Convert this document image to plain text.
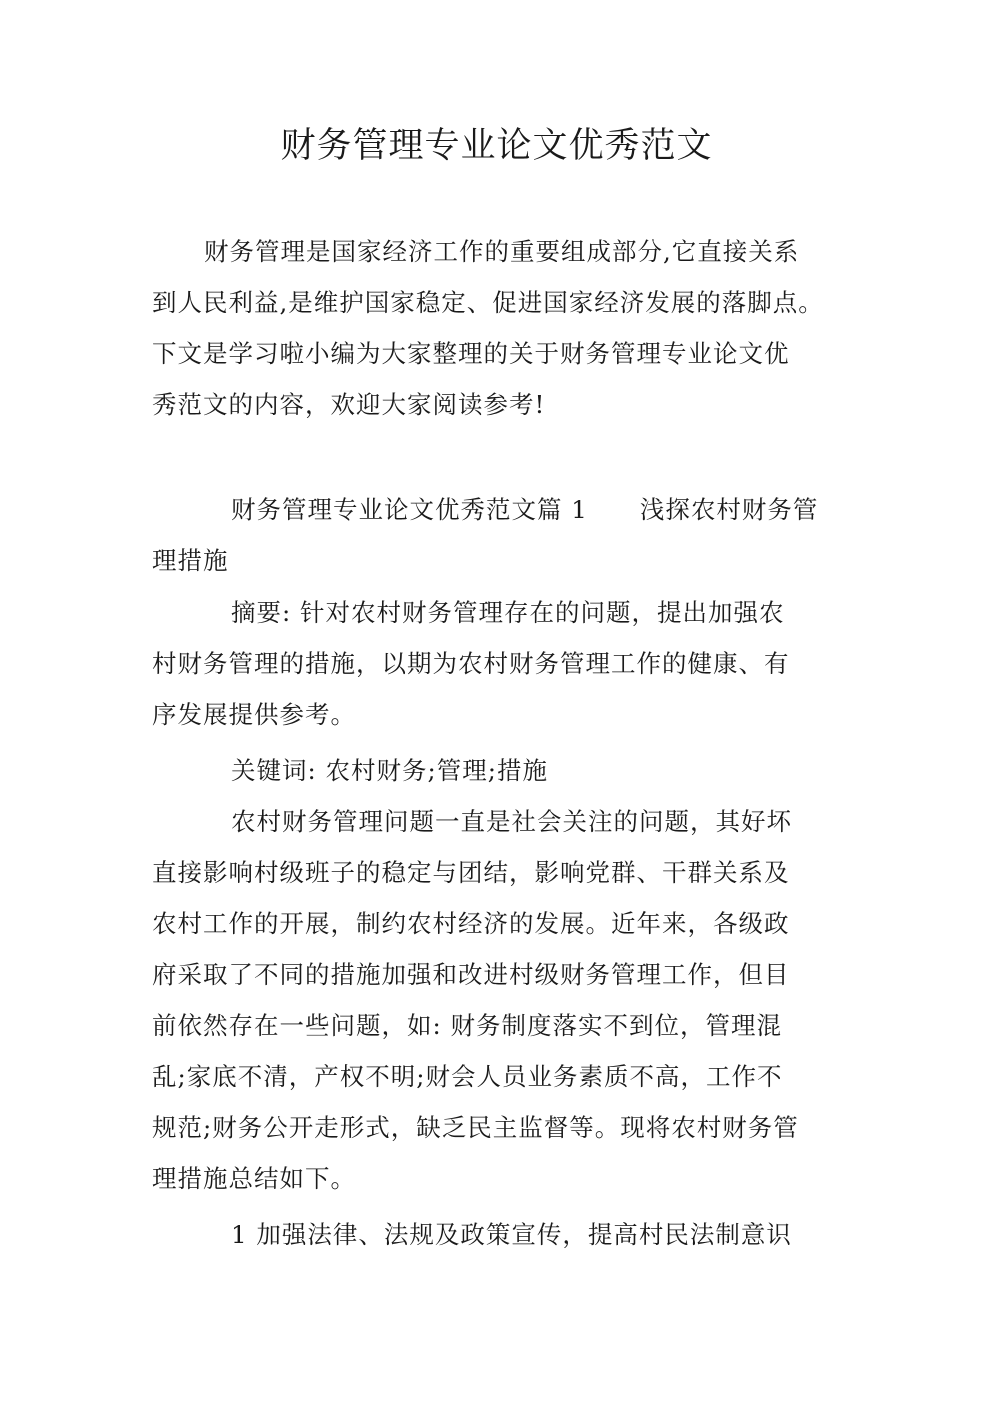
财务管理专业论文优秀范文

财务管理是国家经济工作的重要组成部分,它直接关系

到人民利益,是维护国家稳定、促进国家经济发展的落脚点。

下文是学习啦小编为大家整理的关于财务管理专业论文优

秀范文的内容，欢迎大家阅读参考!

财务管理专业论文优秀范文篇 1 浅探农村财务管

理措施

摘要: 针对农村财务管理存在的问题，提出加强农

村财务管理的措施，以期为农村财务管理工作的健康、有

序发展提供参考。

关键词: 农村财务;管理;措施

农村财务管理问题一直是社会关注的问题，其好坏

直接影响村级班子的稳定与团结，影响党群、干群关系及

农村工作的开展，制约农村经济的发展。近年来，各级政

府采取了不同的措施加强和改进村级财务管理工作，但目

前依然存在一些问题，如: 财务制度落实不到位，管理混

乱;家底不清，产权不明;财会人员业务素质不高，工作不

规范;财务公开走形式，缺乏民主监督等。现将农村财务管

理措施总结如下。

1 加强法律、法规及政策宣传，提高村民法制意识
